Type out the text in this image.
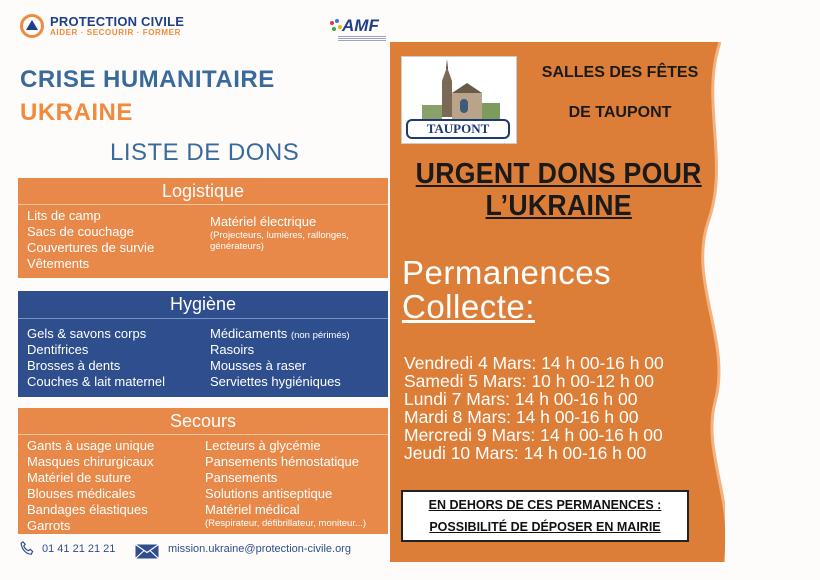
PROTECTION CIVILE
AIDER · SECOURIR · FORMER	AMF
CRISE HUMANITAIRE
UKRAINE
LISTE DE DONS
Logistique
Lits de camp
Sacs de couchage
Couvertures de survie
Vêtements
Matériel électrique
(Projecteurs, lumières, rallonges,
générateurs)
Hygiène
Gels & savons corps
Dentifrices
Brosses à dents
Couches & lait maternel
Médicaments (non périmés)
Rasoirs
Mousses à raser
Serviettes hygiéniques
Secours
Gants à usage unique
Masques chirurgicaux
Matériel de suture
Blouses médicales
Bandages élastiques
Garrots
Lecteurs à glycémie
Pansements hémostatique
Pansements
Solutions antiseptique
Matériel médical
(Respirateur, défibrillateur, moniteur...)
01 41 21 21 21	mission.ukraine@protection-civile.org
TAUPONT
SALLES DES FÊTES
DE TAUPONT
URGENT DONS POUR
L’UKRAINE
Permanences
Collecte:
Vendredi 4 Mars: 14 h 00-16 h 00
Samedi 5 Mars: 10 h 00-12 h 00
Lundi 7 Mars: 14 h 00-16 h 00
Mardi 8 Mars: 14 h 00-16 h 00
Mercredi 9 Mars: 14 h 00-16 h 00
Jeudi 10 Mars: 14 h 00-16 h 00
EN DEHORS DE CES PERMANENCES :
POSSIBILITÉ DE DÉPOSER EN MAIRIE
